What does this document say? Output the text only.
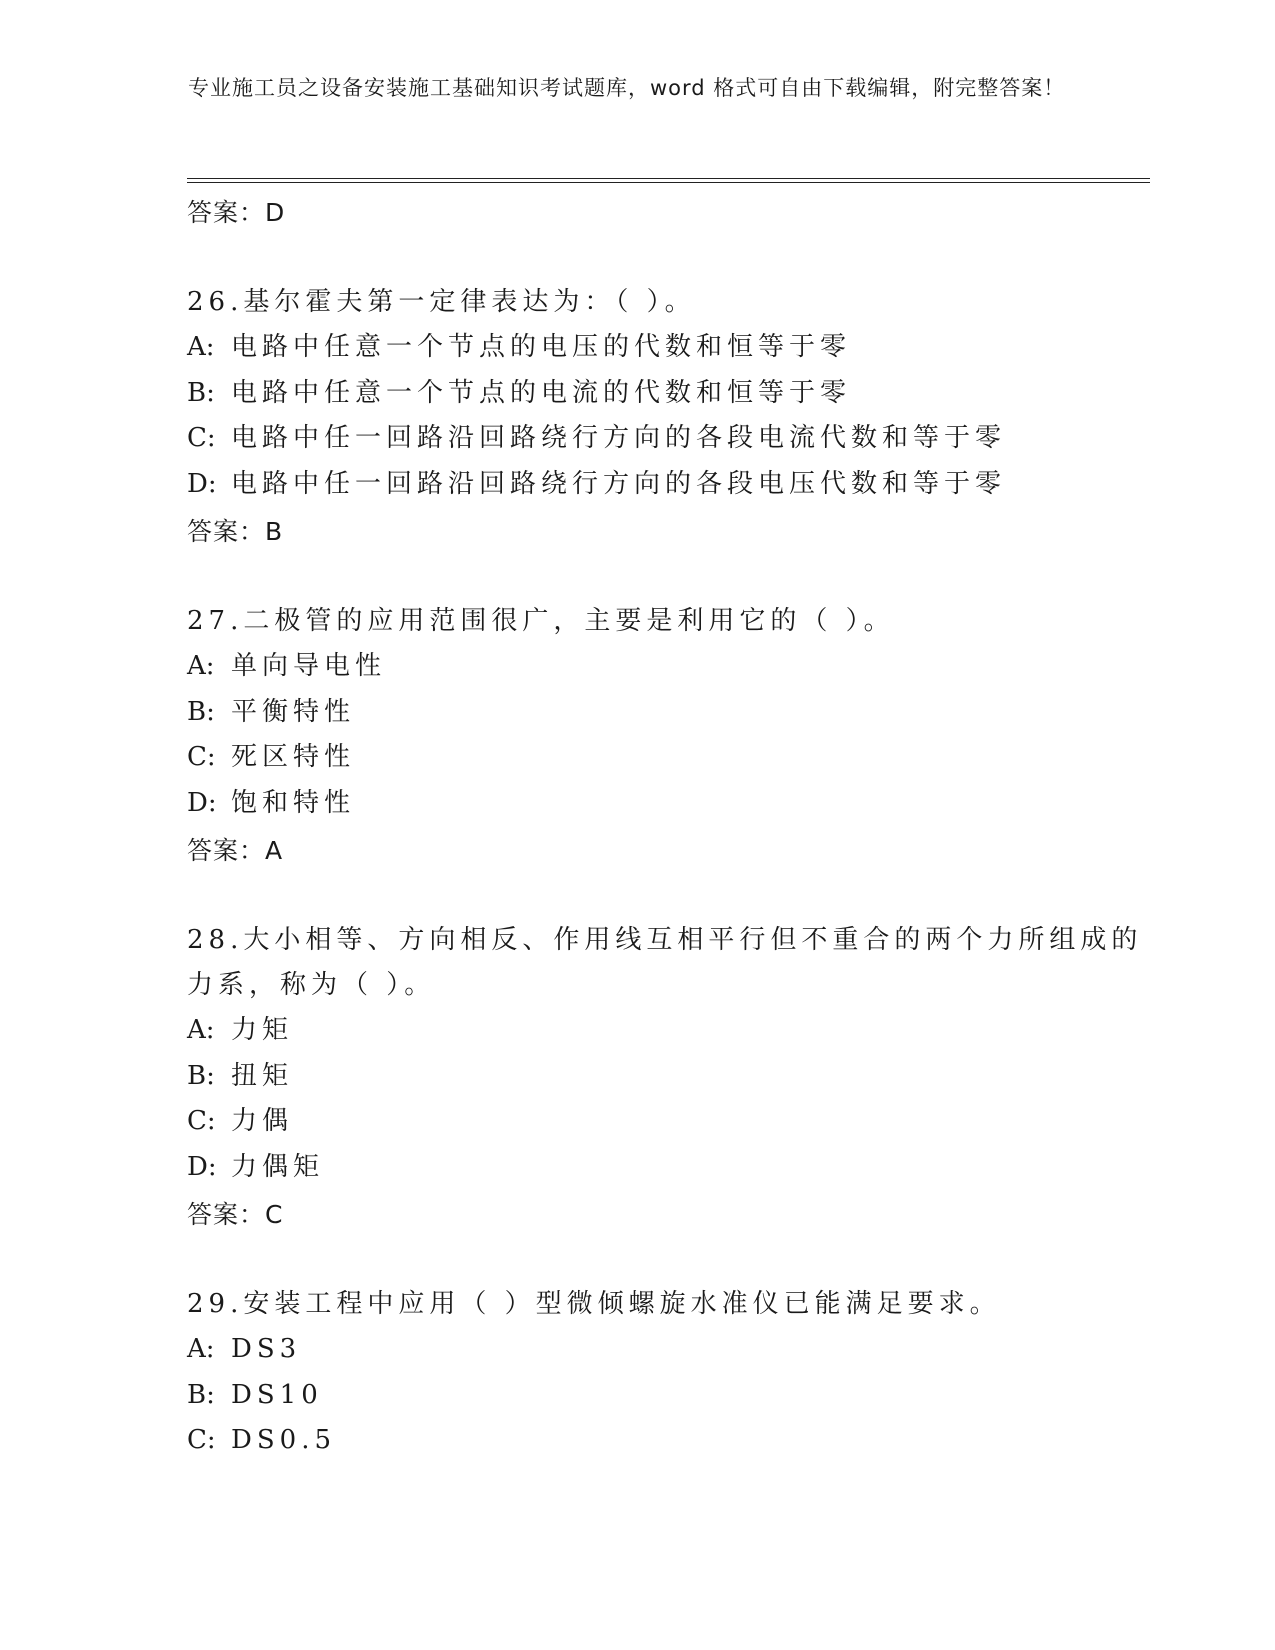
专业施工员之设备安装施工基础知识考试题库，word 格式可自由下载编辑，附完整答案！
答案：D
26.基尔霍夫第一定律表达为：（ ）。
A: 电路中任意一个节点的电压的代数和恒等于零
B: 电路中任意一个节点的电流的代数和恒等于零
C: 电路中任一回路沿回路绕行方向的各段电流代数和等于零
D: 电路中任一回路沿回路绕行方向的各段电压代数和等于零
答案：B
27.二极管的应用范围很广，主要是利用它的（ ）。
A: 单向导电性
B: 平衡特性
C: 死区特性
D: 饱和特性
答案：A
28.大小相等、方向相反、作用线互相平行但不重合的两个力所组成的力系，称为（ ）。
A: 力矩
B: 扭矩
C: 力偶
D: 力偶矩
答案：C
29.安装工程中应用（ ）型微倾螺旋水准仪已能满足要求。
A: DS3
B: DS10
C: DS0.5
